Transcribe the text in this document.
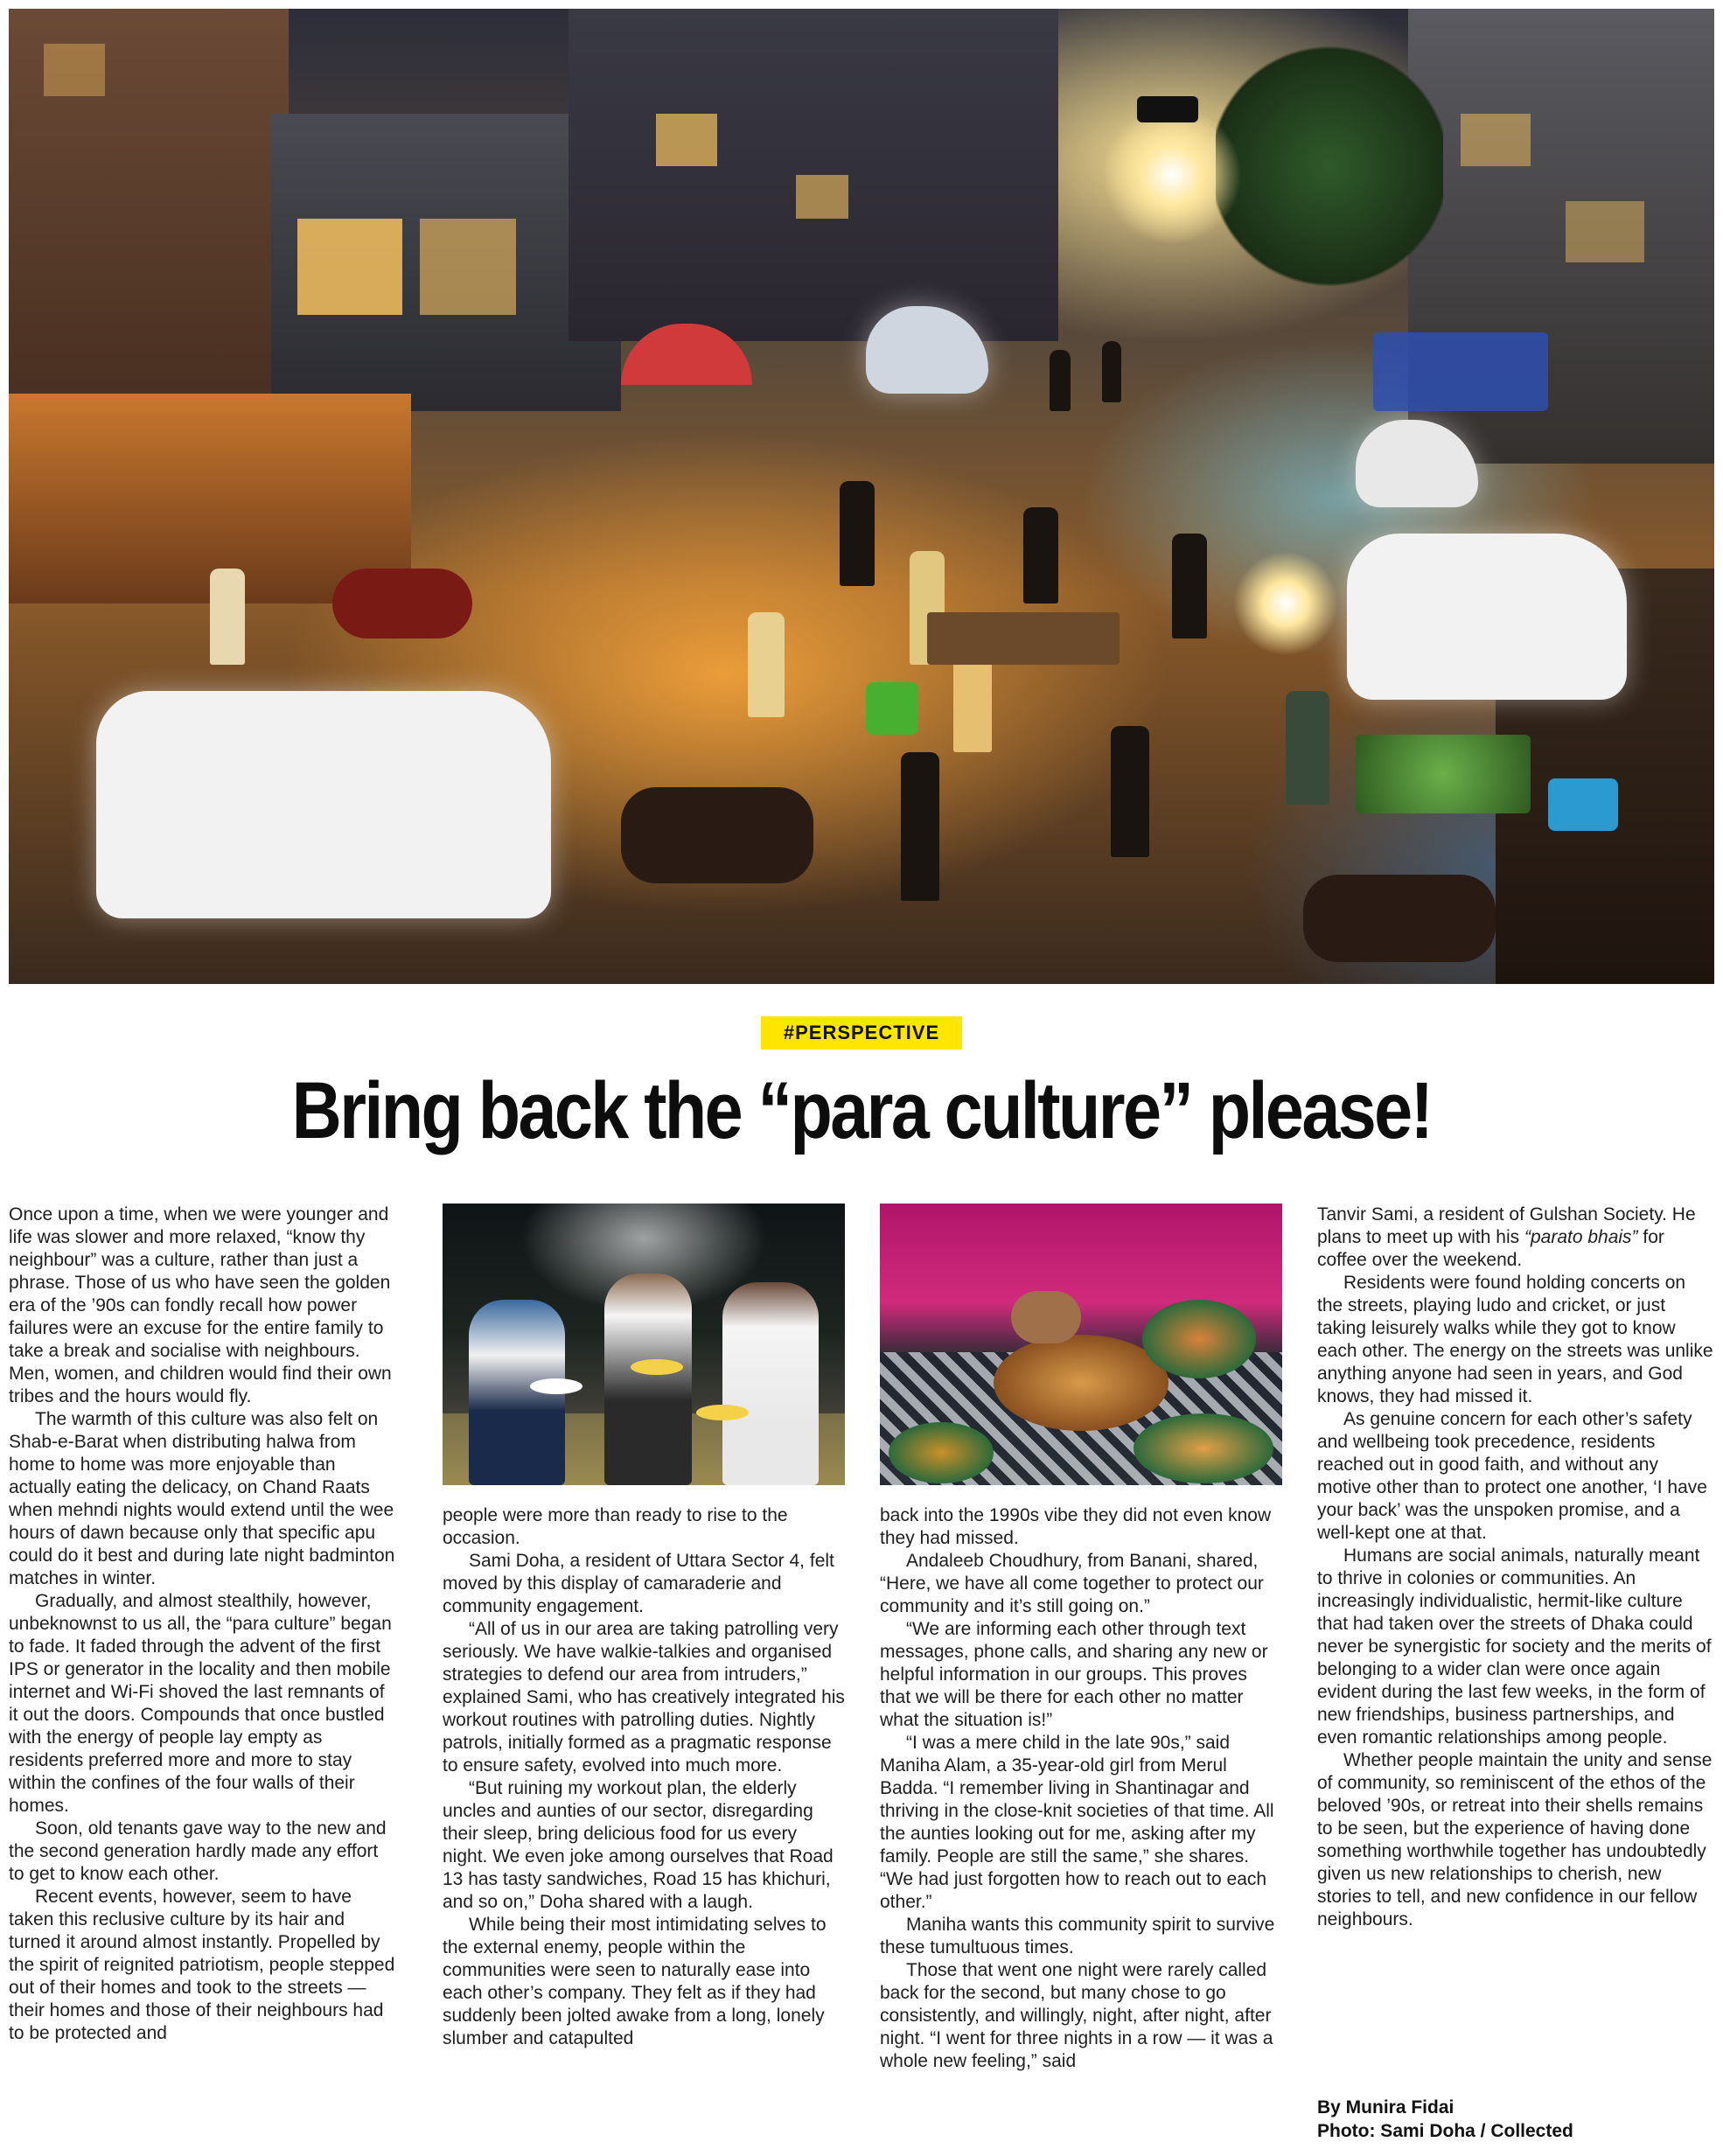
#PERSPECTIVE
Bring back the “para culture” please!

Once upon a time, when we were younger and life was slower and more relaxed, “know thy neighbour” was a culture, rather than just a phrase. Those of us who have seen the golden era of the ’90s can fondly recall how power failures were an excuse for the entire family to take a break and socialise with neighbours. Men, women, and children would find their own tribes and the hours would fly.

The warmth of this culture was also felt on Shab-e-Barat when distributing halwa from home to home was more enjoyable than actually eating the delicacy, on Chand Raats when mehndi nights would extend until the wee hours of dawn because only that specific apu could do it best and during late night badminton matches in winter.

Gradually, and almost stealthily, however, unbeknownst to us all, the “para culture” began to fade. It faded through the advent of the first IPS or generator in the locality and then mobile internet and Wi-Fi shoved the last remnants of it out the doors. Compounds that once bustled with the energy of people lay empty as residents preferred more and more to stay within the confines of the four walls of their homes.

Soon, old tenants gave way to the new and the second generation hardly made any effort to get to know each other.

Recent events, however, seem to have taken this reclusive culture by its hair and turned it around almost instantly. Propelled by the spirit of reignited patriotism, people stepped out of their homes and took to the streets — their homes and those of their neighbours had to be protected and

people were more than ready to rise to the occasion.

Sami Doha, a resident of Uttara Sector 4, felt moved by this display of camaraderie and community engagement.

“All of us in our area are taking patrolling very seriously. We have walkie-talkies and organised strategies to defend our area from intruders,” explained Sami, who has creatively integrated his workout routines with patrolling duties. Nightly patrols, initially formed as a pragmatic response to ensure safety, evolved into much more.

“But ruining my workout plan, the elderly uncles and aunties of our sector, disregarding their sleep, bring delicious food for us every night. We even joke among ourselves that Road 13 has tasty sandwiches, Road 15 has khichuri, and so on,” Doha shared with a laugh.

While being their most intimidating selves to the external enemy, people within the communities were seen to naturally ease into each other’s company. They felt as if they had suddenly been jolted awake from a long, lonely slumber and catapulted

back into the 1990s vibe they did not even know they had missed.

Andaleeb Choudhury, from Banani, shared, “Here, we have all come together to protect our community and it’s still going on.”

“We are informing each other through text messages, phone calls, and sharing any new or helpful information in our groups. This proves that we will be there for each other no matter what the situation is!”

“I was a mere child in the late 90s,” said Maniha Alam, a 35-year-old girl from Merul Badda. “I remember living in Shantinagar and thriving in the close-knit societies of that time. All the aunties looking out for me, asking after my family. People are still the same,” she shares. “We had just forgotten how to reach out to each other.”

Maniha wants this community spirit to survive these tumultuous times.

Those that went one night were rarely called back for the second, but many chose to go consistently, and willingly, night, after night, after night. “I went for three nights in a row — it was a whole new feeling,” said

Tanvir Sami, a resident of Gulshan Society. He plans to meet up with his “parato bhais” for coffee over the weekend.

Residents were found holding concerts on the streets, playing ludo and cricket, or just taking leisurely walks while they got to know each other. The energy on the streets was unlike anything anyone had seen in years, and God knows, they had missed it.

As genuine concern for each other’s safety and wellbeing took precedence, residents reached out in good faith, and without any motive other than to protect one another, ‘I have your back’ was the unspoken promise, and a well-kept one at that.

Humans are social animals, naturally meant to thrive in colonies or communities. An increasingly individualistic, hermit-like culture that had taken over the streets of Dhaka could never be synergistic for society and the merits of belonging to a wider clan were once again evident during the last few weeks, in the form of new friendships, business partnerships, and even romantic relationships among people.

Whether people maintain the unity and sense of community, so reminiscent of the ethos of the beloved ’90s, or retreat into their shells remains to be seen, but the experience of having done something worthwhile together has undoubtedly given us new relationships to cherish, new stories to tell, and new confidence in our fellow neighbours.

By Munira Fidai
Photo: Sami Doha / Collected
